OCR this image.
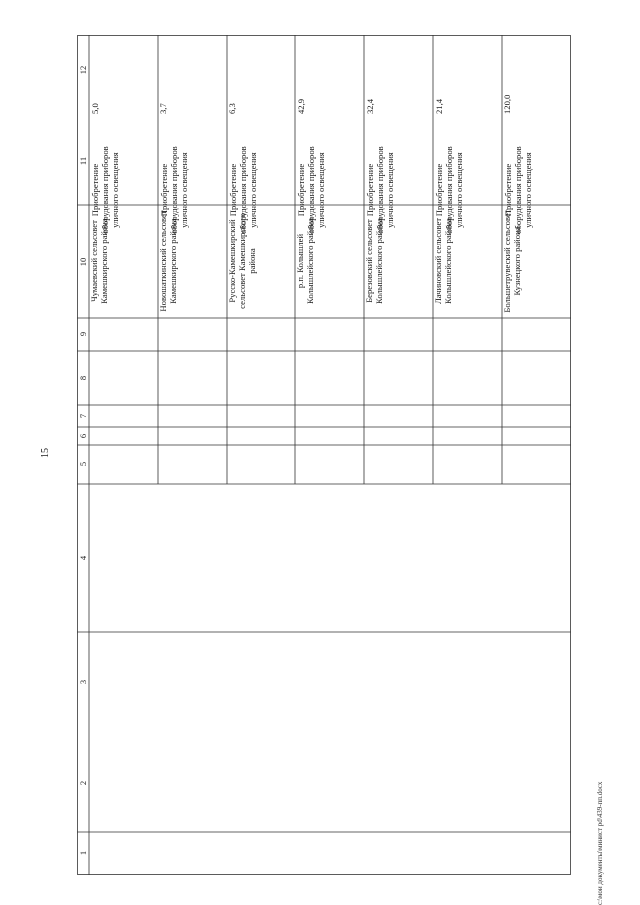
15
12
11
10
9
8
7
6
5
4
3
2
1
5,0
Приобретение оборудования приборов уличного освещения
Чумаевский сельсовет Камешкирского района
3,7
Приобретение оборудования приборов уличного освещения
Новошаткинский сельсовет Камешкирского района
6,3
Приобретение оборудования приборов уличного освещения
Русско-Камешкирский сельсовет Камешкирского района
42,9
Приобретение оборудования приборов уличного освещения
р.п. Колышлей Колышлейского района
32,4
Приобретение оборудования приборов уличного освещения
Березовский сельсовет Колышлейского района
21,4
Приобретение оборудования приборов уличного освещения
Лачиновский сельсовет Колышлейского района
120,0
Приобретение оборудования приборов уличного освещения
Большетрувеский сельсовет Кузнецкого района
c:\мои документы\минист pd\439-пп.docx
